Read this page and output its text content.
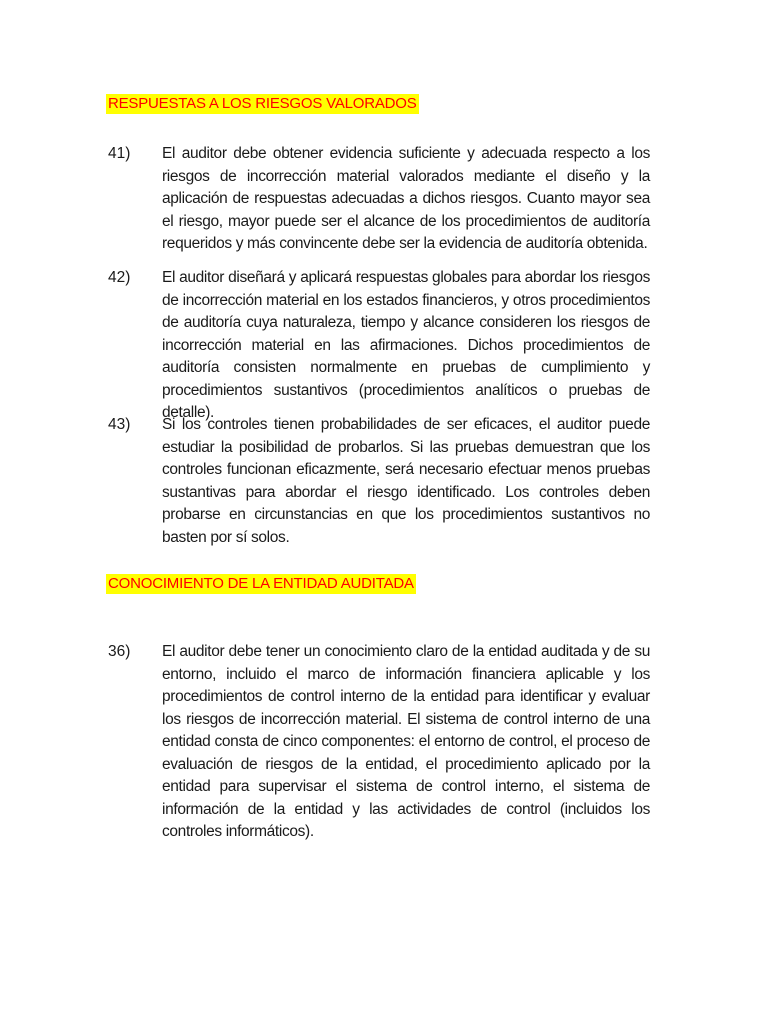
RESPUESTAS A LOS RIESGOS VALORADOS
41) El auditor debe obtener evidencia suficiente y adecuada respecto a los riesgos de incorrección material valorados mediante el diseño y la aplicación de respuestas adecuadas a dichos riesgos. Cuanto mayor sea el riesgo, mayor puede ser el alcance de los procedimientos de auditoría requeridos y más convincente debe ser la evidencia de auditoría obtenida.
42) El auditor diseñará y aplicará respuestas globales para abordar los riesgos de incorrección material en los estados financieros, y otros procedimientos de auditoría cuya naturaleza, tiempo y alcance consideren los riesgos de incorrección material en las afirmaciones. Dichos procedimientos de auditoría consisten normalmente en pruebas de cumplimiento y procedimientos sustantivos (procedimientos analíticos o pruebas de detalle).
43) Si los controles tienen probabilidades de ser eficaces, el auditor puede estudiar la posibilidad de probarlos. Si las pruebas demuestran que los controles funcionan eficazmente, será necesario efectuar menos pruebas sustantivas para abordar el riesgo identificado. Los controles deben probarse en circunstancias en que los procedimientos sustantivos no basten por sí solos.
CONOCIMIENTO DE LA ENTIDAD AUDITADA
36) El auditor debe tener un conocimiento claro de la entidad auditada y de su entorno, incluido el marco de información financiera aplicable y los procedimientos de control interno de la entidad para identificar y evaluar los riesgos de incorrección material. El sistema de control interno de una entidad consta de cinco componentes: el entorno de control, el proceso de evaluación de riesgos de la entidad, el procedimiento aplicado por la entidad para supervisar el sistema de control interno, el sistema de información de la entidad y las actividades de control (incluidos los controles informáticos).
